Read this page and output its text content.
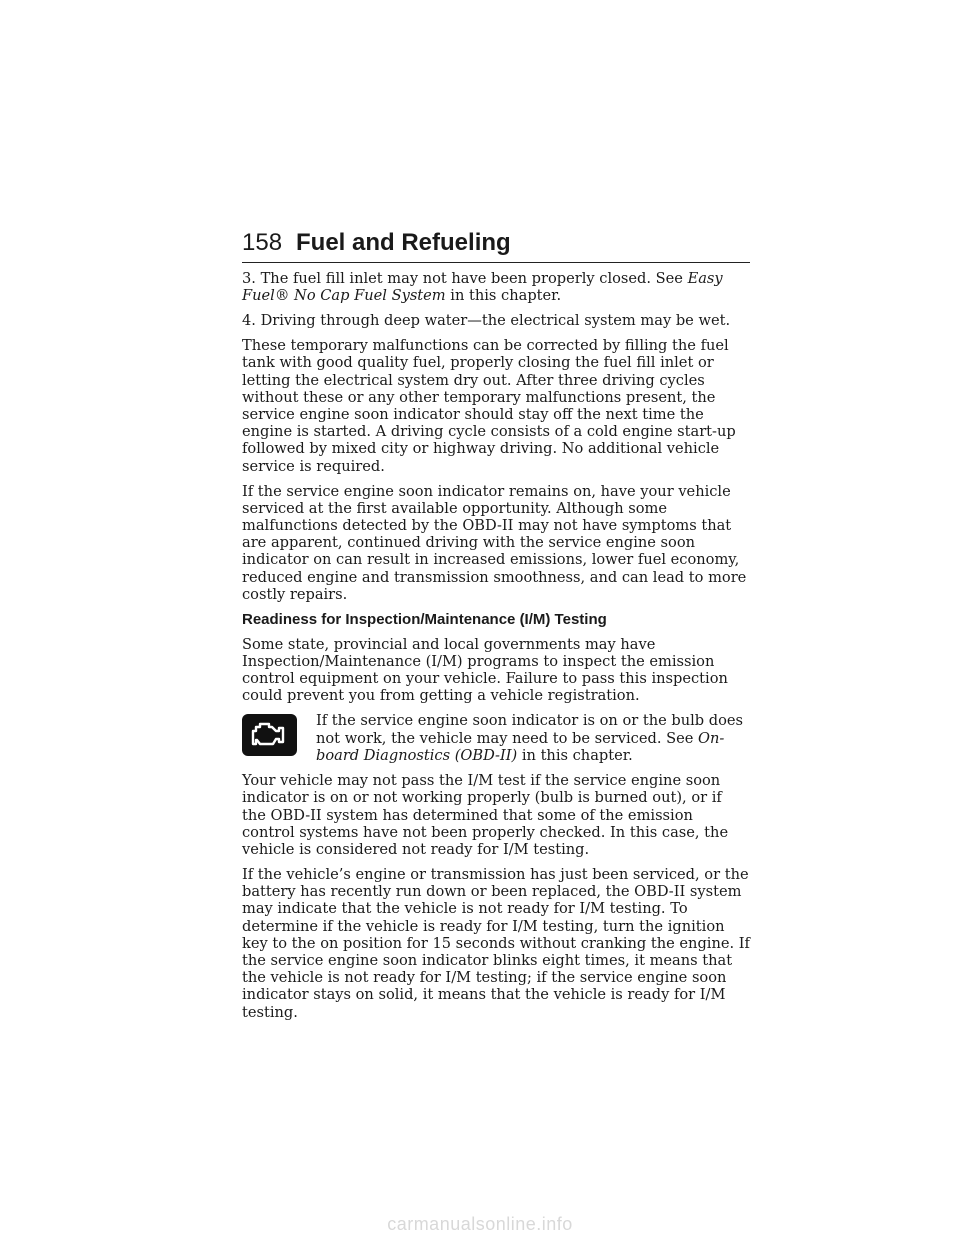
158 Fuel and Refueling

3. The fuel fill inlet may not have been properly closed. See Easy Fuel® No Cap Fuel System in this chapter.

4. Driving through deep water—the electrical system may be wet.

These temporary malfunctions can be corrected by filling the fuel tank with good quality fuel, properly closing the fuel fill inlet or letting the electrical system dry out. After three driving cycles without these or any other temporary malfunctions present, the service engine soon indicator should stay off the next time the engine is started. A driving cycle consists of a cold engine start-up followed by mixed city or highway driving. No additional vehicle service is required.

If the service engine soon indicator remains on, have your vehicle serviced at the first available opportunity. Although some malfunctions detected by the OBD-II may not have symptoms that are apparent, continued driving with the service engine soon indicator on can result in increased emissions, lower fuel economy, reduced engine and transmission smoothness, and can lead to more costly repairs.

Readiness for Inspection/Maintenance (I/M) Testing

Some state, provincial and local governments may have Inspection/Maintenance (I/M) programs to inspect the emission control equipment on your vehicle. Failure to pass this inspection could prevent you from getting a vehicle registration.

If the service engine soon indicator is on or the bulb does not work, the vehicle may need to be serviced. See On-board Diagnostics (OBD-II) in this chapter.

Your vehicle may not pass the I/M test if the service engine soon indicator is on or not working properly (bulb is burned out), or if the OBD-II system has determined that some of the emission control systems have not been properly checked. In this case, the vehicle is considered not ready for I/M testing.

If the vehicle’s engine or transmission has just been serviced, or the battery has recently run down or been replaced, the OBD-II system may indicate that the vehicle is not ready for I/M testing. To determine if the vehicle is ready for I/M testing, turn the ignition key to the on position for 15 seconds without cranking the engine. If the service engine soon indicator blinks eight times, it means that the vehicle is not ready for I/M testing; if the service engine soon indicator stays on solid, it means that the vehicle is ready for I/M testing.

carmanualsonline.info
